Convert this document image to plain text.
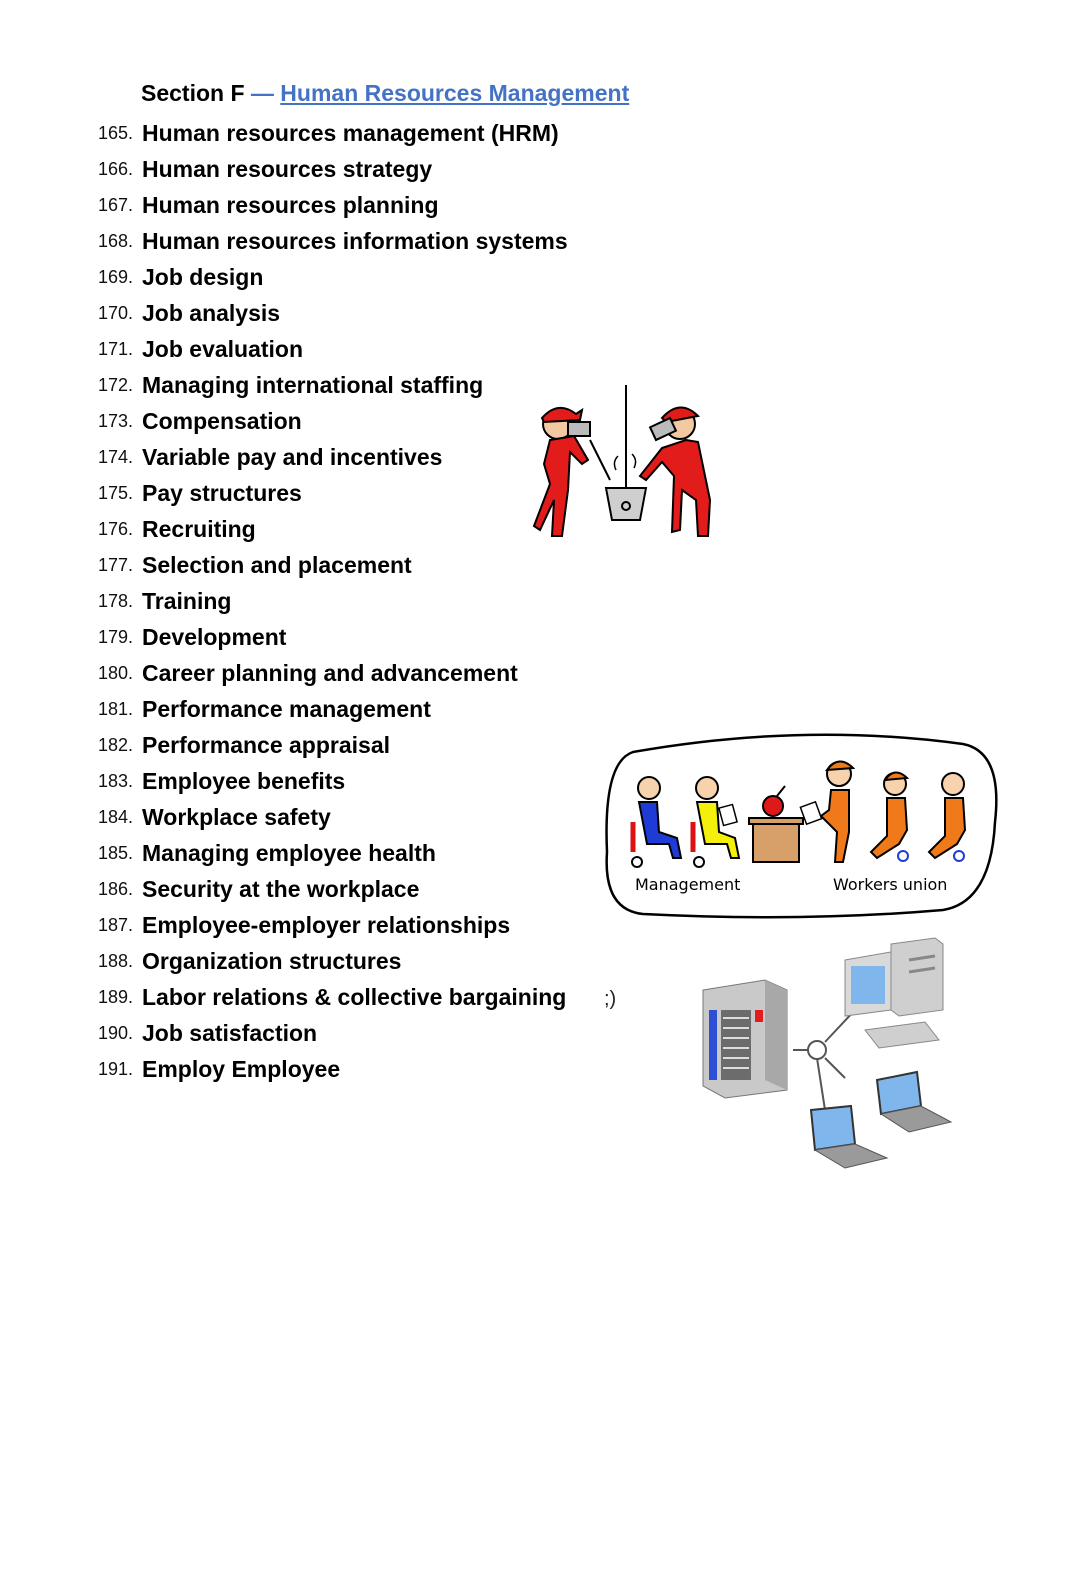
Section F — Human Resources Management
165. Human resources management (HRM)
166. Human resources strategy
167. Human resources planning
168. Human resources information systems
169. Job design
170. Job analysis
171. Job evaluation
172. Managing international staffing
173. Compensation
174. Variable pay and incentives
175. Pay structures
176. Recruiting
177. Selection and placement
178. Training
179. Development
180. Career planning and advancement
181. Performance management
182. Performance appraisal
183. Employee benefits
184. Workplace safety
185. Managing employee health
186. Security at the workplace
187. Employee-employer relationships
188. Organization structures
189. Labor relations & collective bargaining
190. Job satisfaction
191. Employ Employee
Management	Workers union
;)
